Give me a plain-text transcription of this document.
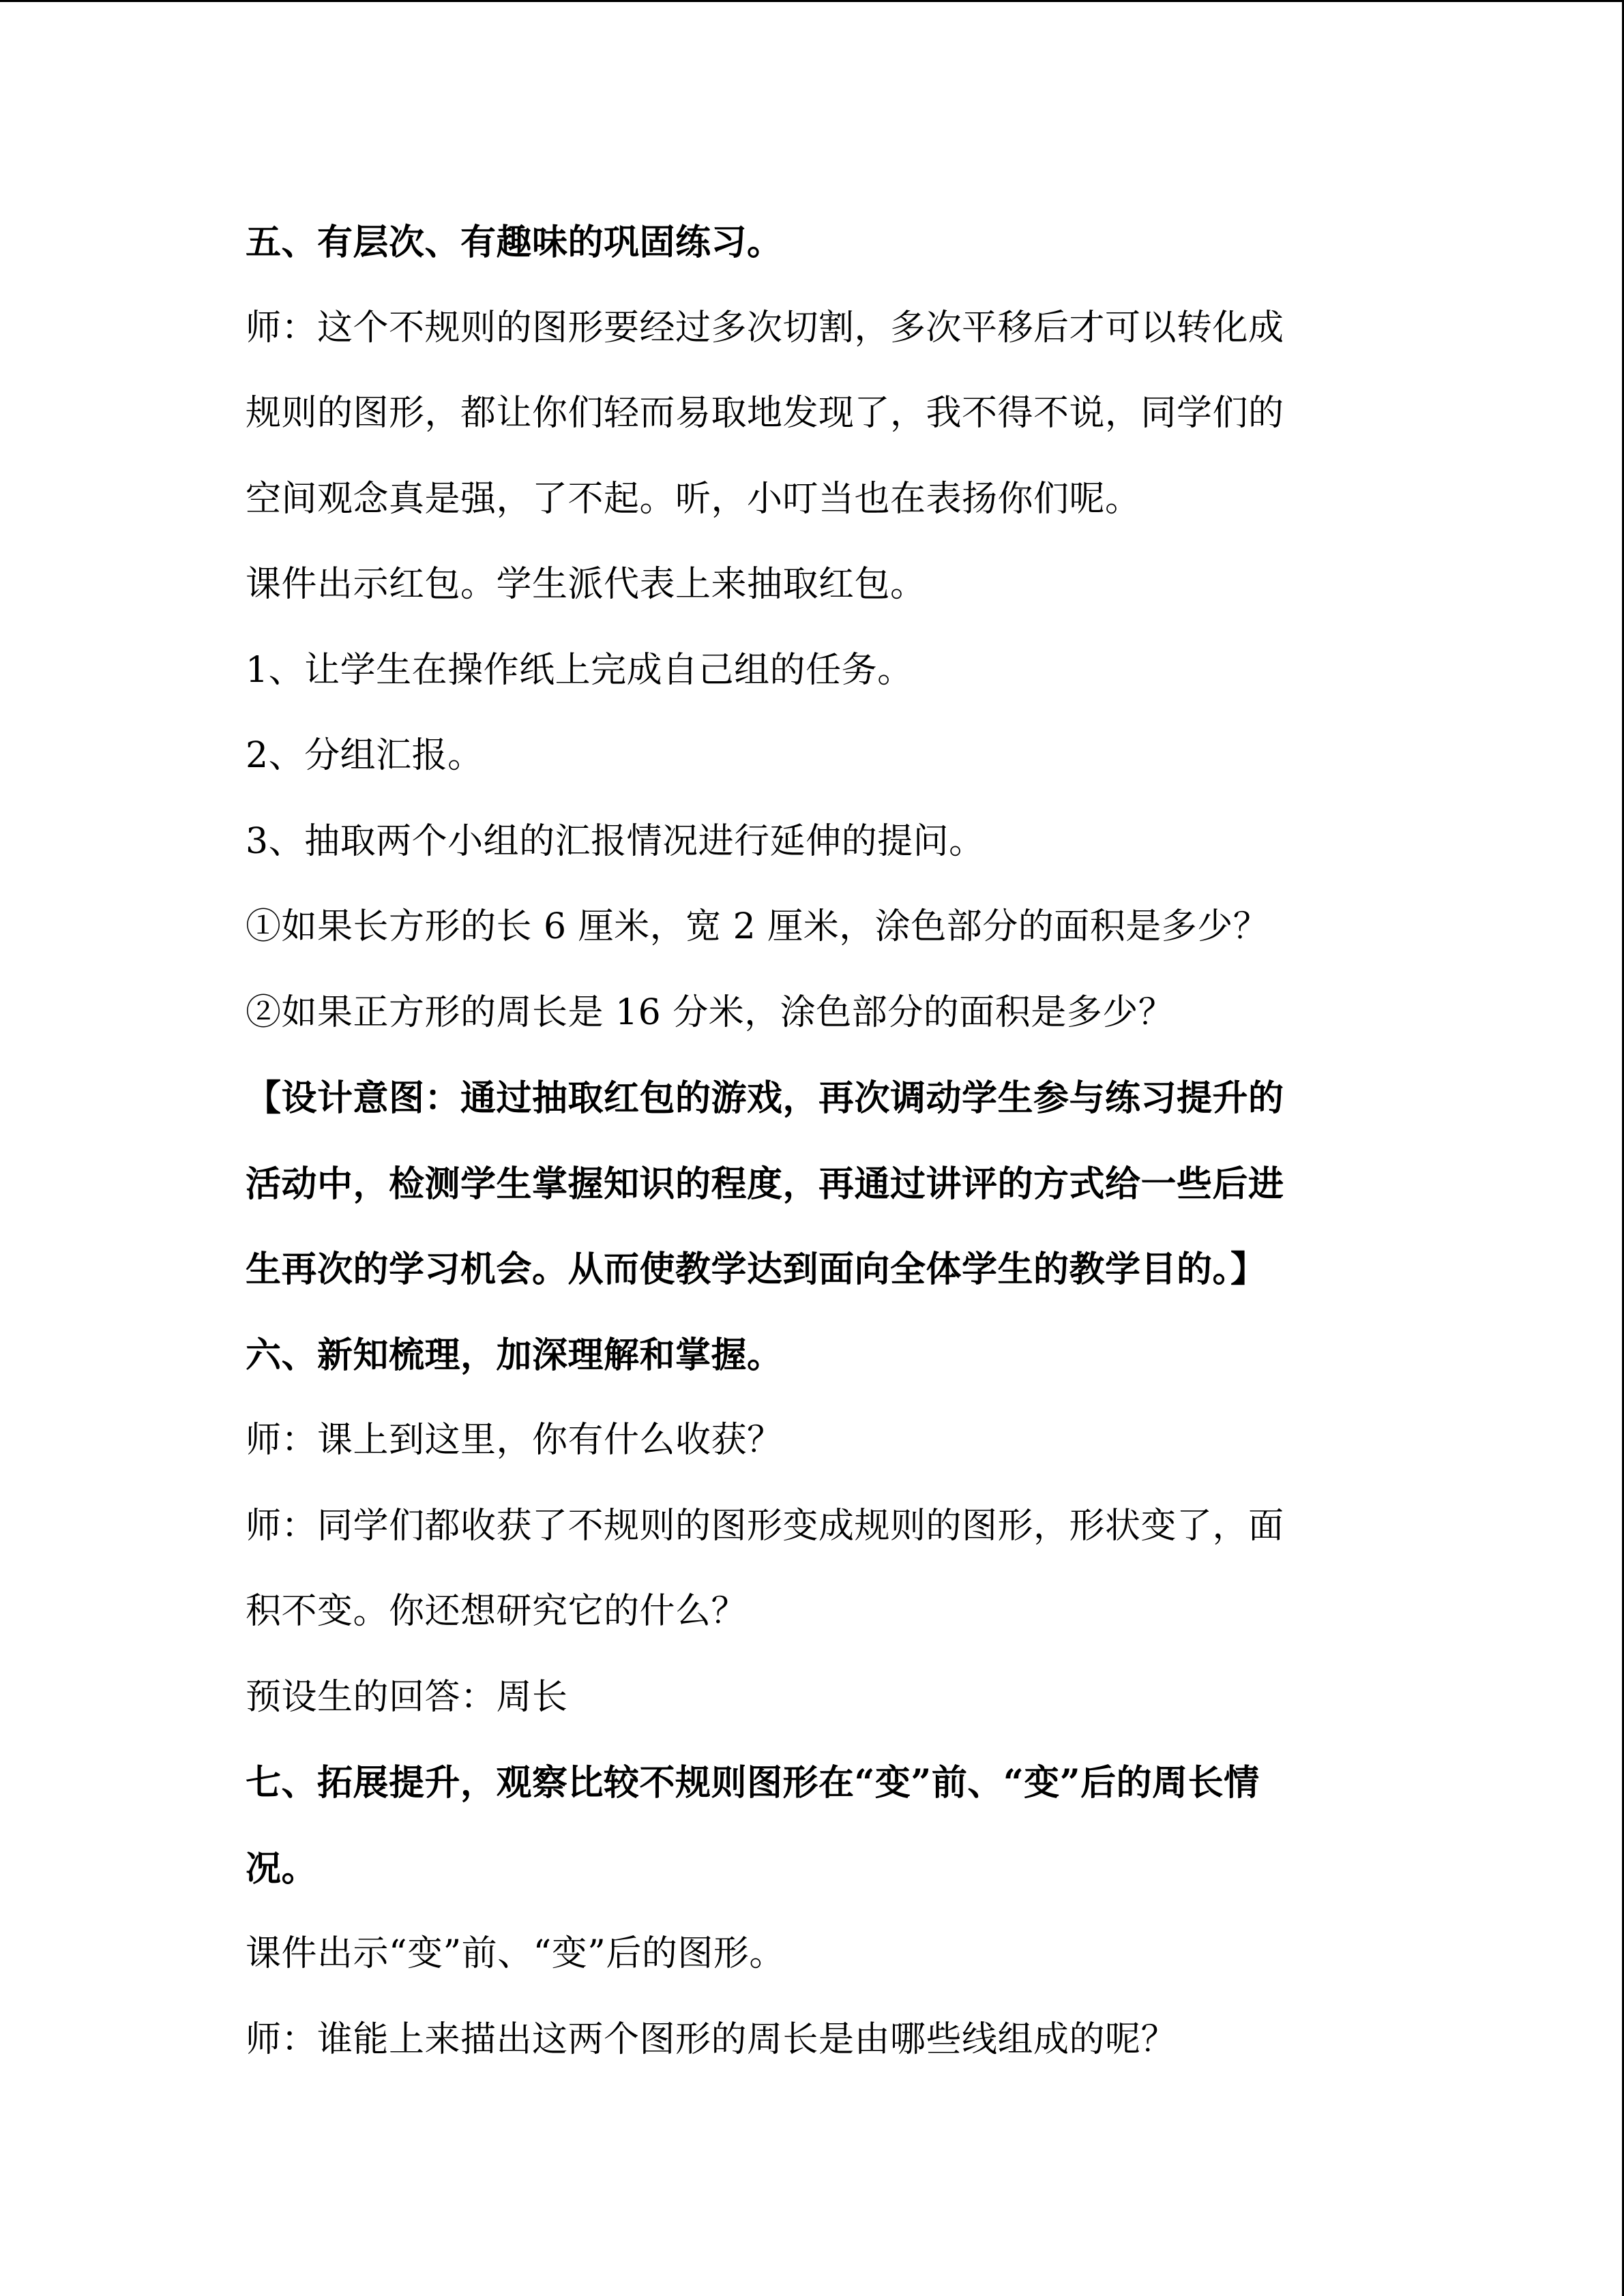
五、有层次、有趣味的巩固练习。
师：这个不规则的图形要经过多次切割，多次平移后才可以转化成
规则的图形，都让你们轻而易取地发现了，我不得不说，同学们的
空间观念真是强，了不起。听，小叮当也在表扬你们呢。
课件出示红包。学生派代表上来抽取红包。
1、让学生在操作纸上完成自己组的任务。
2、分组汇报。
3、抽取两个小组的汇报情况进行延伸的提问。
①如果长方形的长 6 厘米，宽 2 厘米，涂色部分的面积是多少？
②如果正方形的周长是 16 分米，涂色部分的面积是多少？
【设计意图：通过抽取红包的游戏，再次调动学生参与练习提升的
活动中，检测学生掌握知识的程度，再通过讲评的方式给一些后进
生再次的学习机会。从而使教学达到面向全体学生的教学目的。】
六、新知梳理，加深理解和掌握。
师：课上到这里，你有什么收获？
师：同学们都收获了不规则的图形变成规则的图形，形状变了，面
积不变。你还想研究它的什么？
预设生的回答：周长
七、拓展提升，观察比较不规则图形在“变”前、“变”后的周长情
况。
课件出示“变”前、“变”后的图形。
师：谁能上来描出这两个图形的周长是由哪些线组成的呢？
